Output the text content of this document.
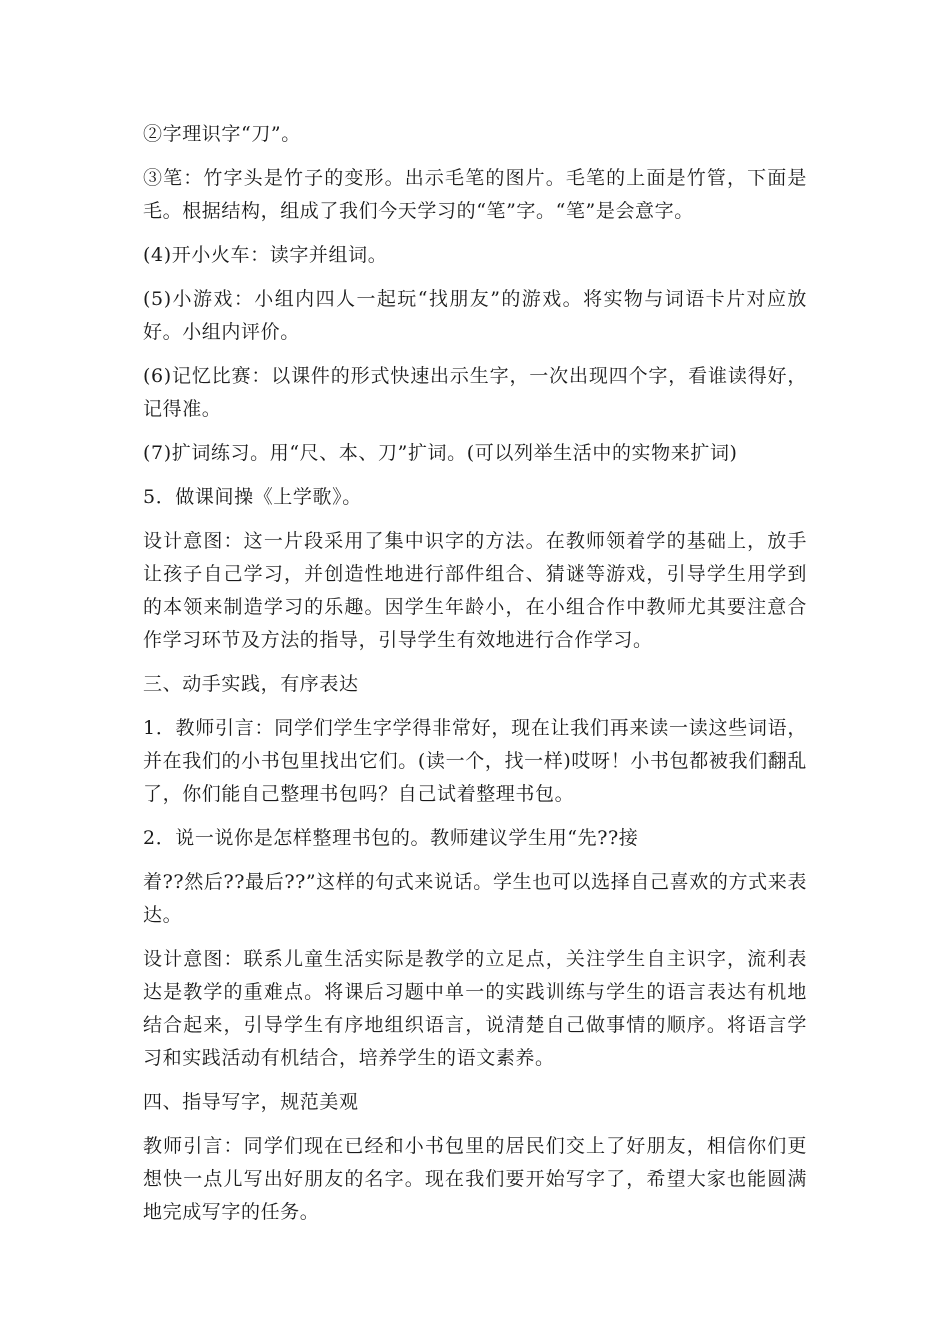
②字理识字“刀”。

③笔：竹字头是竹子的变形。出示毛笔的图片。毛笔的上面是竹管，下面是毛。根据结构，组成了我们今天学习的“笔”字。“笔”是会意字。

(4)开小火车：读字并组词。

(5)小游戏：小组内四人一起玩“找朋友”的游戏。将实物与词语卡片对应放好。小组内评价。

(6)记忆比赛：以课件的形式快速出示生字，一次出现四个字，看谁读得好，记得准。

(7)扩词练习。用“尺、本、刀”扩词。(可以列举生活中的实物来扩词)

5．做课间操《上学歌》。

设计意图：这一片段采用了集中识字的方法。在教师领着学的基础上，放手让孩子自己学习，并创造性地进行部件组合、猜谜等游戏，引导学生用学到的本领来制造学习的乐趣。因学生年龄小，在小组合作中教师尤其要注意合作学习环节及方法的指导，引导学生有效地进行合作学习。

三、动手实践，有序表达

1．教师引言：同学们学生字学得非常好，现在让我们再来读一读这些词语，并在我们的小书包里找出它们。(读一个，找一样)哎呀！小书包都被我们翻乱了，你们能自己整理书包吗？自己试着整理书包。

2．说一说你是怎样整理书包的。教师建议学生用“先??接

着??然后??最后??”这样的句式来说话。学生也可以选择自己喜欢的方式来表达。

设计意图：联系儿童生活实际是教学的立足点，关注学生自主识字，流利表达是教学的重难点。将课后习题中单一的实践训练与学生的语言表达有机地结合起来，引导学生有序地组织语言，说清楚自己做事情的顺序。将语言学习和实践活动有机结合，培养学生的语文素养。

四、指导写字，规范美观

教师引言：同学们现在已经和小书包里的居民们交上了好朋友，相信你们更想快一点儿写出好朋友的名字。现在我们要开始写字了，希望大家也能圆满地完成写字的任务。
